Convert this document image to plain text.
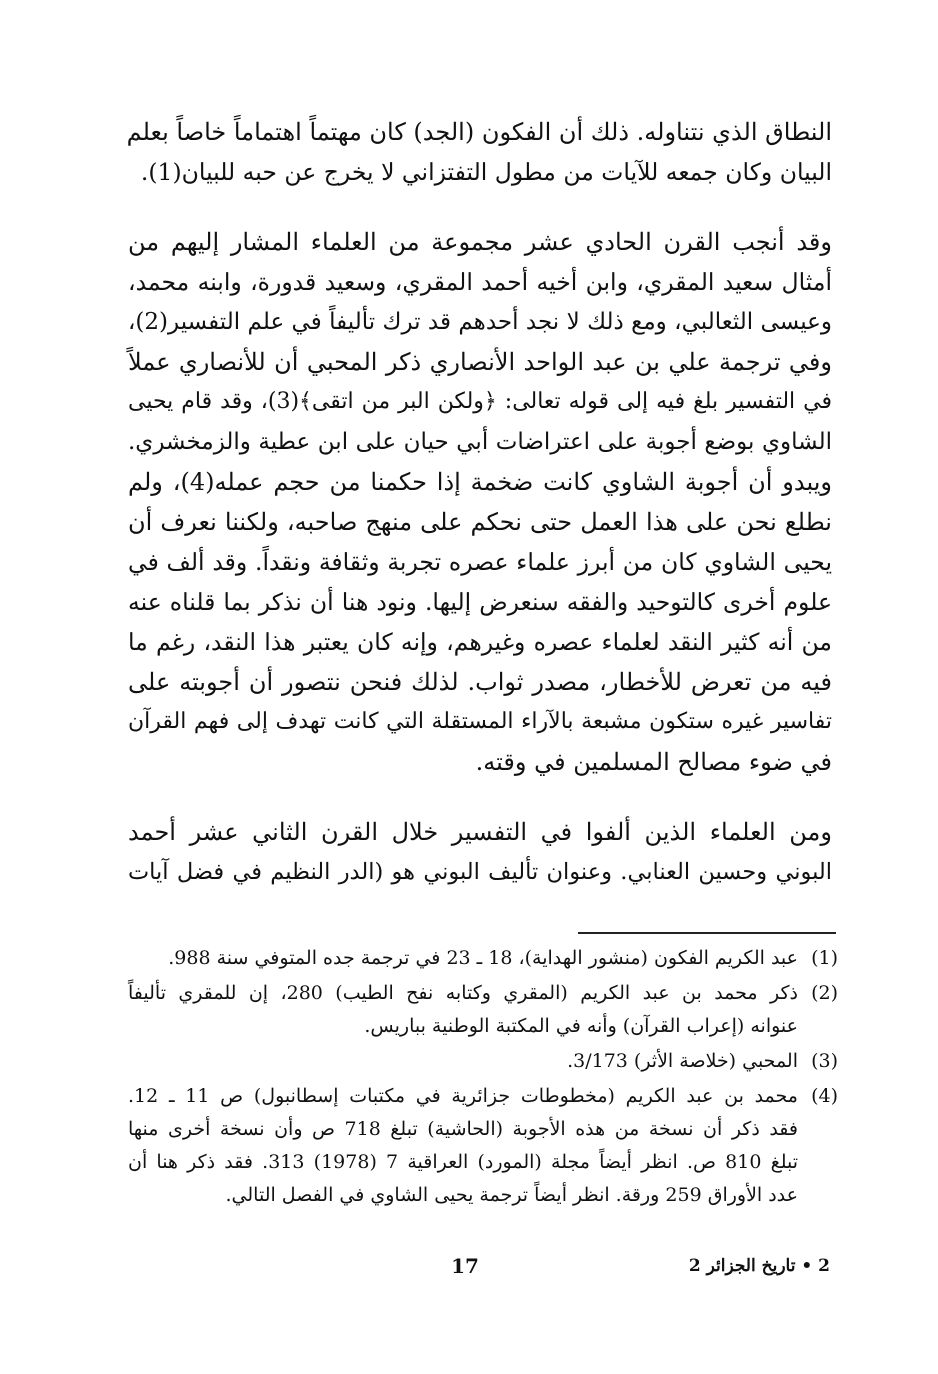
النطاق الذي نتناوله. ذلك أن الفكون (الجد) كان مهتماً اهتماماً خاصاً بعلم
البيان وكان جمعه للآيات من مطول التفتزاني لا يخرج عن حبه للبيان(1).
وقد أنجب القرن الحادي عشر مجموعة من العلماء المشار إليهم من
أمثال سعيد المقري، وابن أخيه أحمد المقري، وسعيد قدورة، وابنه محمد،
وعيسى الثعالبي، ومع ذلك لا نجد أحدهم قد ترك تأليفاً في علم التفسير(2)،
وفي ترجمة علي بن عبد الواحد الأنصاري ذكر المحبي أن للأنصاري عملاً
في التفسير بلغ فيه إلى قوله تعالى: ﴿ولكن البر من اتقى﴾(3)، وقد قام يحيى
الشاوي بوضع أجوبة على اعتراضات أبي حيان على ابن عطية والزمخشري.
ويبدو أن أجوبة الشاوي كانت ضخمة إذا حكمنا من حجم عمله(4)، ولم
نطلع نحن على هذا العمل حتى نحكم على منهج صاحبه، ولكننا نعرف أن
يحيى الشاوي كان من أبرز علماء عصره تجربة وثقافة ونقداً. وقد ألف في
علوم أخرى كالتوحيد والفقه سنعرض إليها. ونود هنا أن نذكر بما قلناه عنه
من أنه كثير النقد لعلماء عصره وغيرهم، وإنه كان يعتبر هذا النقد، رغم ما
فيه من تعرض للأخطار، مصدر ثواب. لذلك فنحن نتصور أن أجوبته على
تفاسير غيره ستكون مشبعة بالآراء المستقلة التي كانت تهدف إلى فهم القرآن
في ضوء مصالح المسلمين في وقته.
ومن العلماء الذين ألفوا في التفسير خلال القرن الثاني عشر أحمد
البوني وحسين العنابي. وعنوان تأليف البوني هو (الدر النظيم في فضل آيات
(1)
عبد الكريم الفكون (منشور الهداية)، 18 ـ 23 في ترجمة جده المتوفي سنة 988.
(2)
ذكر محمد بن عبد الكريم (المقري وكتابه نفح الطيب) 280، إن للمقري تأليفاً
عنوانه (إعراب القرآن) وأنه في المكتبة الوطنية بباريس.
(3)
المحبي (خلاصة الأثر) 3/173.
(4)
محمد بن عبد الكريم (مخطوطات جزائرية في مكتبات إسطانبول) ص 11 ـ 12.
فقد ذكر أن نسخة من هذه الأجوبة (الحاشية) تبلغ 718 ص وأن نسخة أخرى منها
تبلغ 810 ص. انظر أيضاً مجلة (المورد) العراقية 7 (1978) 313. فقد ذكر هنا أن
عدد الأوراق 259 ورقة. انظر أيضاً ترجمة يحيى الشاوي في الفصل التالي.
2 • تاريخ الجزائر 2
17
